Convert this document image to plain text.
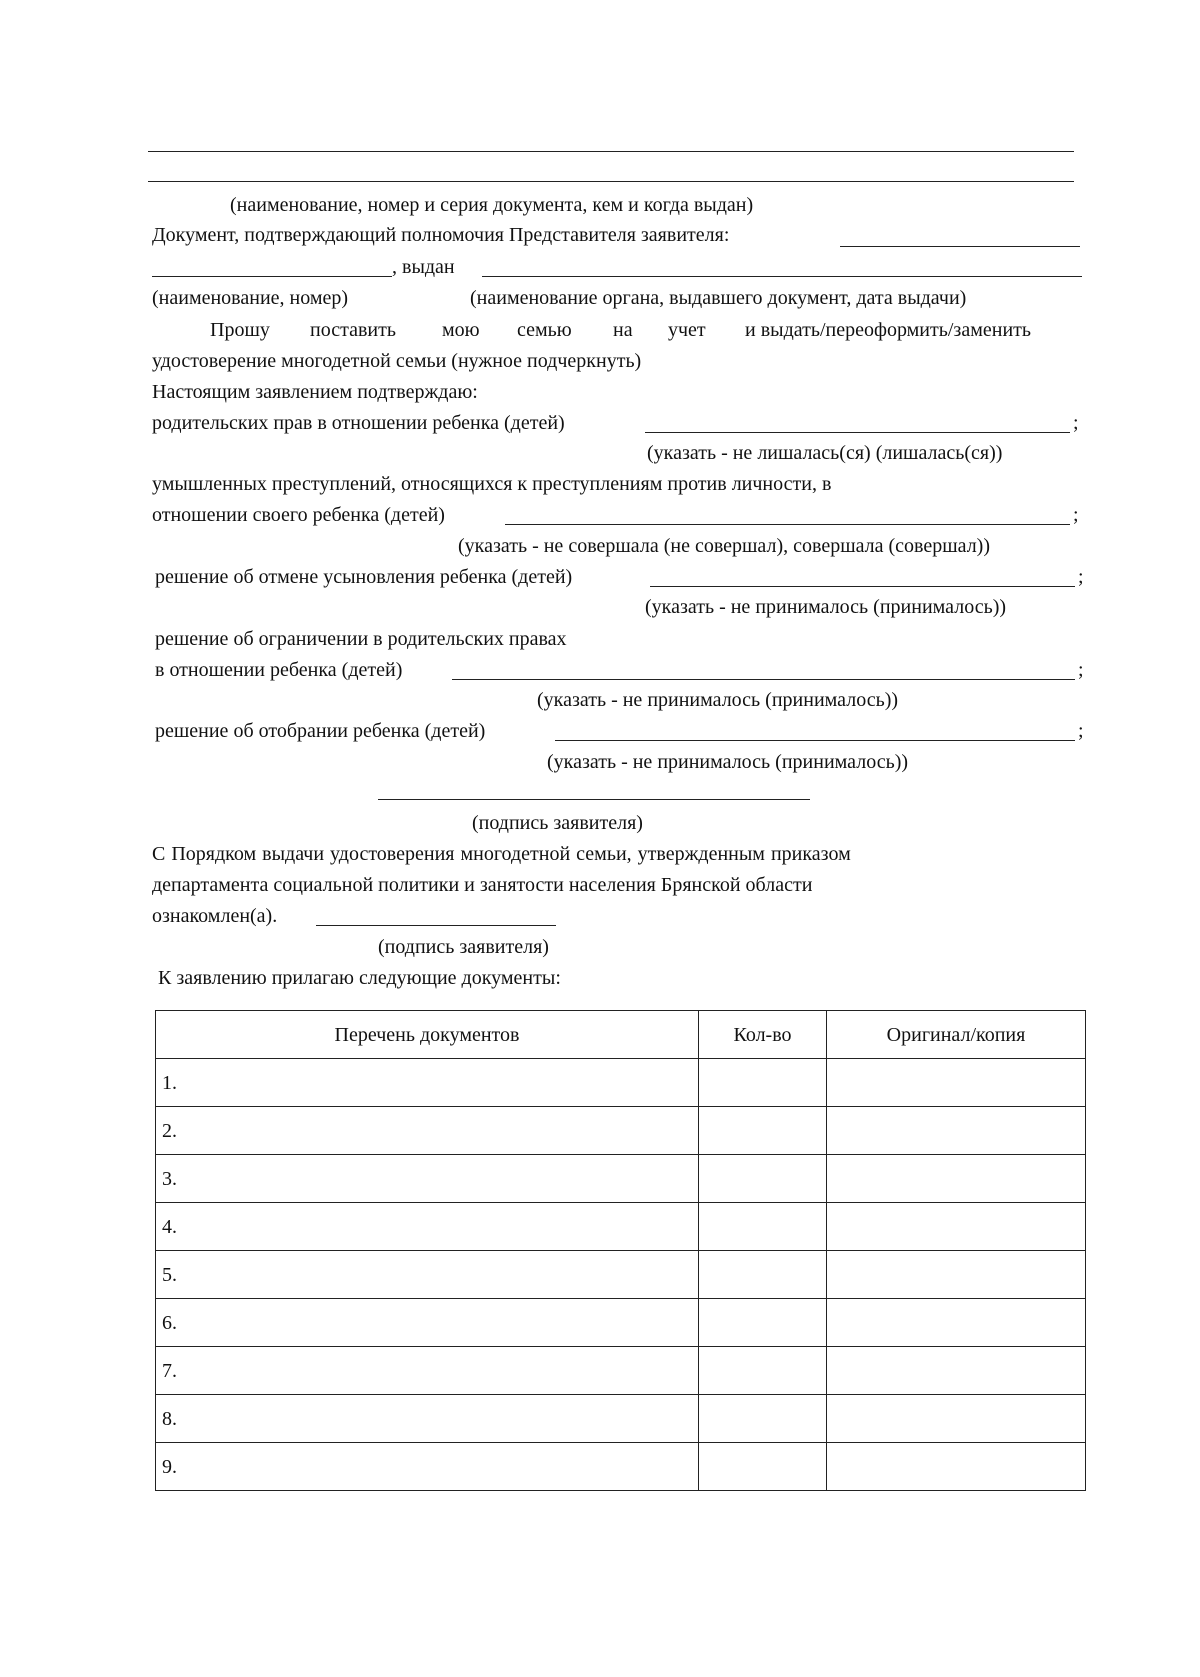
(наименование, номер и серия документа, кем и когда выдан)
Документ, подтверждающий полномочия Представителя заявителя:
, выдан
(наименование, номер)	(наименование органа, выдавшего документ, дата выдачи)
Прошу поставить мою семью на учет и выдать/переоформить/заменить
удостоверение многодетной семьи (нужное подчеркнуть)
Настоящим заявлением подтверждаю:
родительских прав в отношении ребенка (детей)	;
(указать - не лишалась(ся) (лишалась(ся))
умышленных преступлений, относящихся к преступлениям против личности, в
отношении своего ребенка (детей)	;
(указать - не совершала (не совершал), совершала (совершал))
решение об отмене усыновления ребенка (детей)	;
(указать - не принималось (принималось))
решение об ограничении в родительских правах
в отношении ребенка (детей)	;
(указать - не принималось (принималось))
решение об отобрании ребенка (детей)	;
(указать - не принималось (принималось))
(подпись заявителя)
С Порядком выдачи удостоверения многодетной семьи, утвержденным приказом
департамента социальной политики и занятости населения Брянской области
ознакомлен(а).
(подпись заявителя)
К заявлению прилагаю следующие документы:
Перечень документов	Кол-во	Оригинал/копия
1.		
2.		
3.		
4.		
5.		
6.		
7.		
8.		
9.		
